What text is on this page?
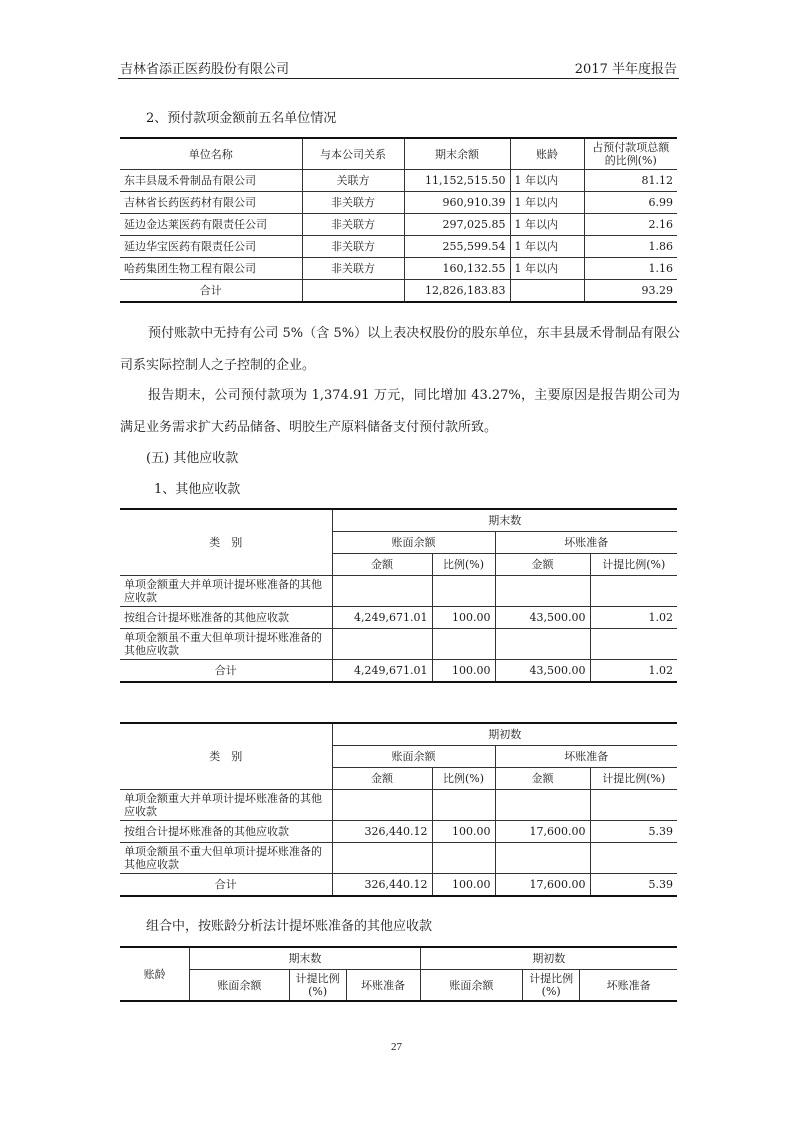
吉林省添正医药股份有限公司	2017 半年度报告
2、预付款项金额前五名单位情况
单位名称	与本公司关系	期末余额	账龄	占预付款项总额的比例(%)
东丰县晟禾骨制品有限公司	关联方	11,152,515.50	1 年以内	81.12
吉林省长药医药材有限公司	非关联方	960,910.39	1 年以内	6.99
延边金达莱医药有限责任公司	非关联方	297,025.85	1 年以内	2.16
延边华宝医药有限责任公司	非关联方	255,599.54	1 年以内	1.86
哈药集团生物工程有限公司	非关联方	160,132.55	1 年以内	1.16
合计		12,826,183.83		93.29
预付账款中无持有公司 5%（含 5%）以上表决权股份的股东单位，东丰县晟禾骨制品有限公司系实际控制人之子控制的企业。
报告期末，公司预付款项为 1,374.91 万元，同比增加 43.27%，主要原因是报告期公司为满足业务需求扩大药品储备、明胶生产原料储备支付预付款所致。
(五) 其他应收款
1、其他应收款
类　别	期末数			
	账面余额		坏账准备	
	金额	比例(%)	金额	计提比例(%)
单项金额重大并单项计提坏账准备的其他应收款				
按组合计提坏账准备的其他应收款	4,249,671.01	100.00	43,500.00	1.02
单项金额虽不重大但单项计提坏账准备的其他应收款				
合计	4,249,671.01	100.00	43,500.00	1.02
类　别	期初数			
	账面余额		坏账准备	
	金额	比例(%)	金额	计提比例(%)
单项金额重大并单项计提坏账准备的其他应收款				
按组合计提坏账准备的其他应收款	326,440.12	100.00	17,600.00	5.39
单项金额虽不重大但单项计提坏账准备的其他应收款				
合计	326,440.12	100.00	17,600.00	5.39
组合中，按账龄分析法计提坏账准备的其他应收款
账龄	期末数			期初数		
	账面余额	计提比例(%)	坏账准备	账面余额	计提比例(%)	坏账准备
27
